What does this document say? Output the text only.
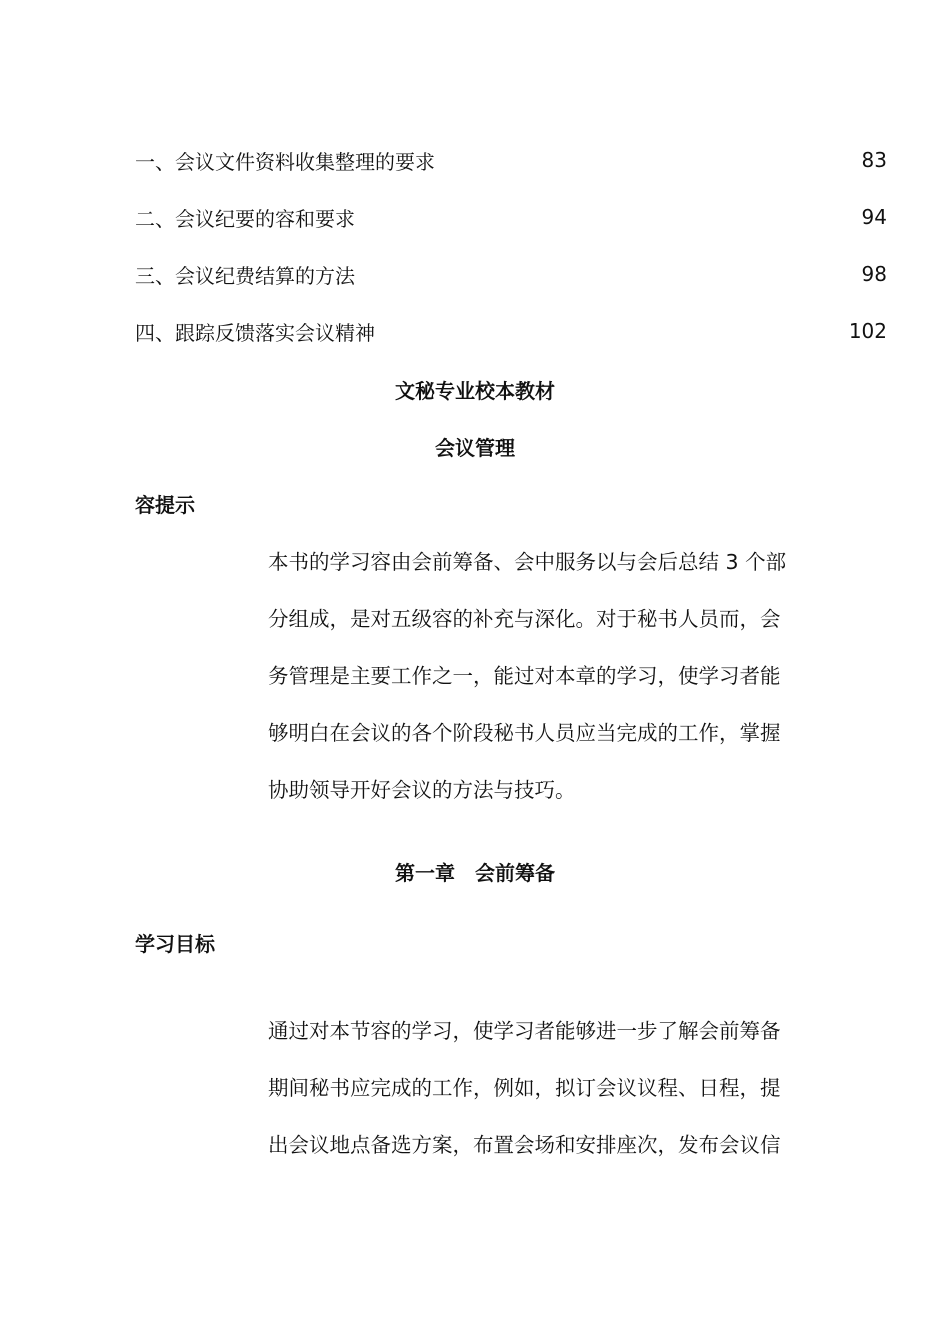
一、会议文件资料收集整理的要求	83
二、会议纪要的容和要求	94
三、会议纪费结算的方法	98
四、跟踪反馈落实会议精神	102
文秘专业校本教材
会议管理
容提示
本书的学习容由会前筹备、会中服务以与会后总结 3 个部
分组成，是对五级容的补充与深化。对于秘书人员而，会
务管理是主要工作之一，能过对本章的学习，使学习者能
够明白在会议的各个阶段秘书人员应当完成的工作，掌握
协助领导开好会议的方法与技巧。
第一章　会前筹备
学习目标
通过对本节容的学习，使学习者能够进一步了解会前筹备
期间秘书应完成的工作，例如，拟订会议议程、日程，提
出会议地点备选方案，布置会场和安排座次，发布会议信
